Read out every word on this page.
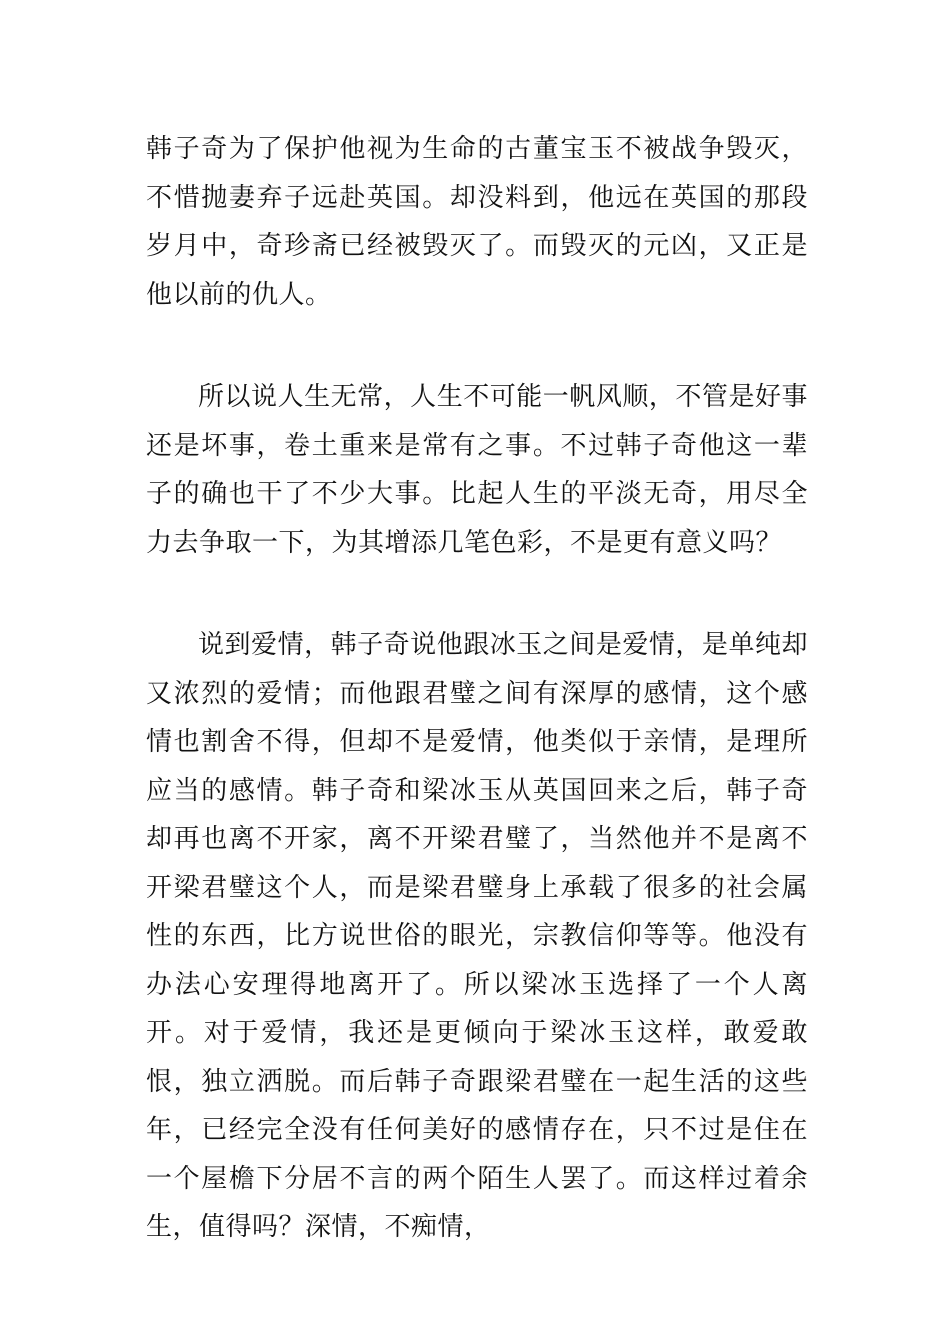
韩子奇为了保护他视为生命的古董宝玉不被战争毁灭，不惜抛妻弃子远赴英国。却没料到，他远在英国的那段岁月中，奇珍斋已经被毁灭了。而毁灭的元凶，又正是他以前的仇人。

所以说人生无常，人生不可能一帆风顺，不管是好事还是坏事，卷土重来是常有之事。不过韩子奇他这一辈子的确也干了不少大事。比起人生的平淡无奇，用尽全力去争取一下，为其增添几笔色彩，不是更有意义吗？

说到爱情，韩子奇说他跟冰玉之间是爱情，是单纯却又浓烈的爱情；而他跟君璧之间有深厚的感情，这个感情也割舍不得，但却不是爱情，他类似于亲情，是理所应当的感情。韩子奇和梁冰玉从英国回来之后，韩子奇却再也离不开家，离不开梁君璧了，当然他并不是离不开梁君璧这个人，而是梁君璧身上承载了很多的社会属性的东西，比方说世俗的眼光，宗教信仰等等。他没有办法心安理得地离开了。所以梁冰玉选择了一个人离开。对于爱情，我还是更倾向于梁冰玉这样，敢爱敢恨，独立洒脱。而后韩子奇跟梁君璧在一起生活的这些年，已经完全没有任何美好的感情存在，只不过是住在一个屋檐下分居不言的两个陌生人罢了。而这样过着余生，值得吗？深情，不痴情，
